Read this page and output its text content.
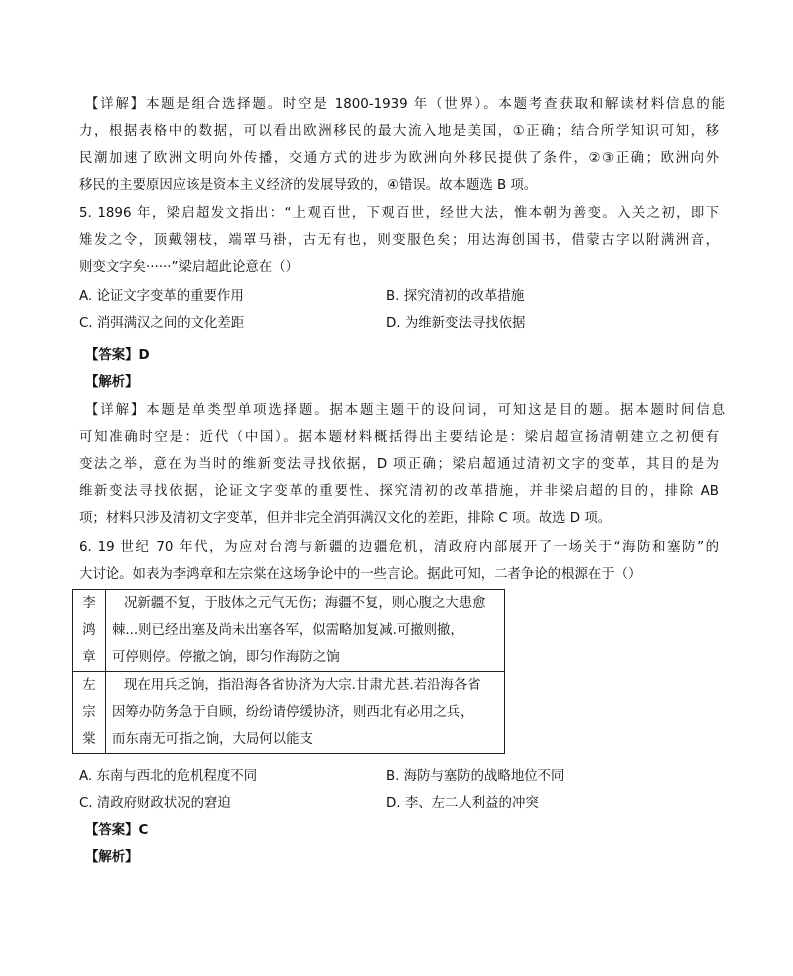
【详解】本题是组合选择题。时空是 1800-1939 年（世界）。本题考查获取和解读材料信息的能
力，根据表格中的数据，可以看出欧洲移民的最大流入地是美国，①正确；结合所学知识可知，移
民潮加速了欧洲文明向外传播，交通方式的进步为欧洲向外移民提供了条件，②③正确；欧洲向外
移民的主要原因应该是资本主义经济的发展导致的，④错误。故本题选 B 项。
5. 1896 年，梁启超发文指出：“上观百世，下观百世，经世大法，惟本朝为善变。入关之初，即下
雉发之令，顶戴翎枝，端罩马褂，古无有也，则变服色矣；用达海创国书，借蒙古字以附满洲音，
则变文字矣······”梁启超此论意在（）
A. 论证文字变革的重要作用	B. 探究清初的改革措施
C. 消弭满汉之间的文化差距	D. 为维新变法寻找依据
【答案】D
【解析】
【详解】本题是单类型单项选择题。据本题主题干的设问词，可知这是目的题。据本题时间信息
可知准确时空是：近代（中国）。据本题材料概括得出主要结论是：梁启超宣扬清朝建立之初便有
变法之举，意在为当时的维新变法寻找依据，D 项正确；梁启超通过清初文字的变革，其目的是为
维新变法寻找依据，论证文字变革的重要性、探究清初的改革措施，并非梁启超的目的，排除 AB
项；材料只涉及清初文字变革，但并非完全消弭满汉文化的差距，排除 C 项。故选 D 项。
6. 19 世纪 70 年代，为应对台湾与新疆的边疆危机，清政府内部展开了一场关于“海防和塞防”的
大讨论。如表为李鸿章和左宗棠在这场争论中的一些言论。据此可知，二者争论的根源在于（）
李鸿章	况新疆不复，于肢体之元气无伤；海疆不复，则心腹之大患愈
棘...则已经出塞及尚未出塞各军，似需略加复减.可撤则撤，
可停则停。停撤之饷，即匀作海防之饷

左宗棠	现在用兵乏饷，指沿海各省协济为大宗.甘肃尤甚.若沿海各省
因筹办防务急于自顾，纷纷请停缓协济，则西北有必用之兵，
而东南无可指之饷，大局何以能支
A. 东南与西北的危机程度不同	B. 海防与塞防的战略地位不同
C. 清政府财政状况的窘迫	D. 李、左二人利益的冲突
【答案】C
【解析】
